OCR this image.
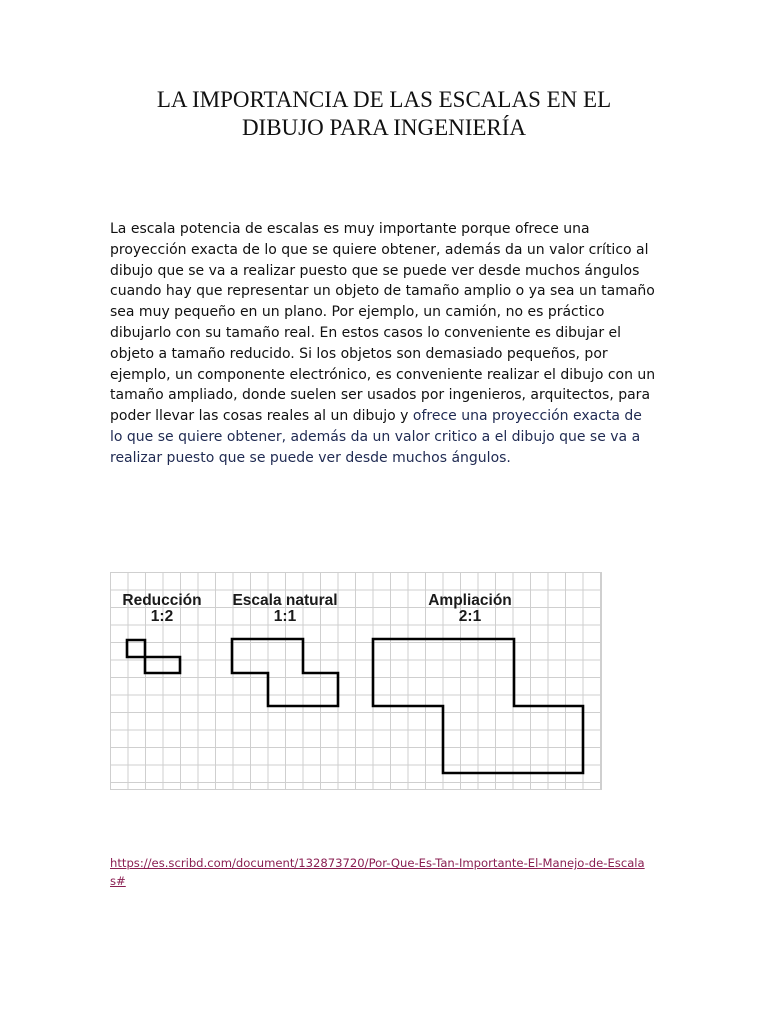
LA IMPORTANCIA DE LAS ESCALAS EN EL
DIBUJO PARA INGENIERÍA

La escala potencia de escalas es muy importante porque ofrece una proyección exacta de lo que se quiere obtener, además da un valor crítico al dibujo que se va a realizar puesto que se puede ver desde muchos ángulos cuando hay que representar un objeto de tamaño amplio o ya sea un tamaño sea muy pequeño en un plano. Por ejemplo, un camión, no es práctico dibujarlo con su tamaño real. En estos casos lo conveniente es dibujar el objeto a tamaño reducido. Si los objetos son demasiado pequeños, por ejemplo, un componente electrónico, es conveniente realizar el dibujo con un tamaño ampliado, donde suelen ser usados por ingenieros, arquitectos, para poder llevar las cosas reales al un dibujo y ofrece una proyección exacta de lo que se quiere obtener, además da un valor critico a el dibujo que se va a realizar puesto que se puede ver desde muchos ángulos.

Reducción
1:2
Escala natural
1:1
Ampliación
2:1
https://es.scribd.com/document/132873720/Por-Que-Es-Tan-Importante-El-Manejo-de-Escalas#
